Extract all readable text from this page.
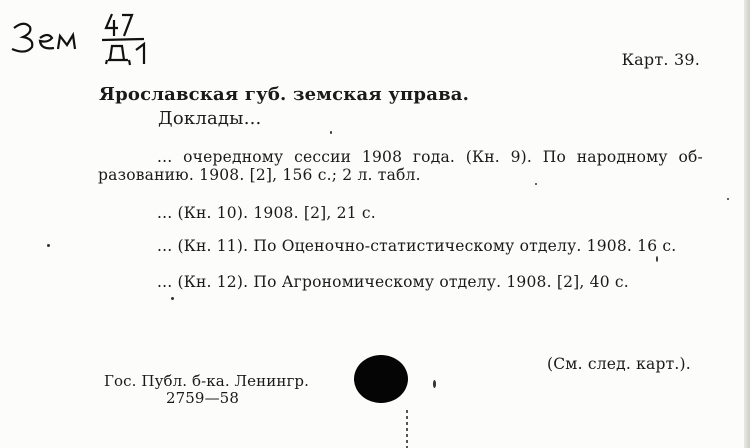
Зем
Карт. 39.
Ярославская губ. земская управа.
Доклады...
... очередному сессии 1908 года. (Кн. 9). По народному об-
разованию. 1908. [2], 156 с.; 2 л. табл.
... (Кн. 10). 1908. [2], 21 с.
... (Кн. 11). По Оценочно-статистическому отделу. 1908. 16 с.
... (Кн. 12). По Агрономическому отделу. 1908. [2], 40 с.
(См. след. карт.).
Гос. Публ. б-ка. Ленингр.
2759—58
